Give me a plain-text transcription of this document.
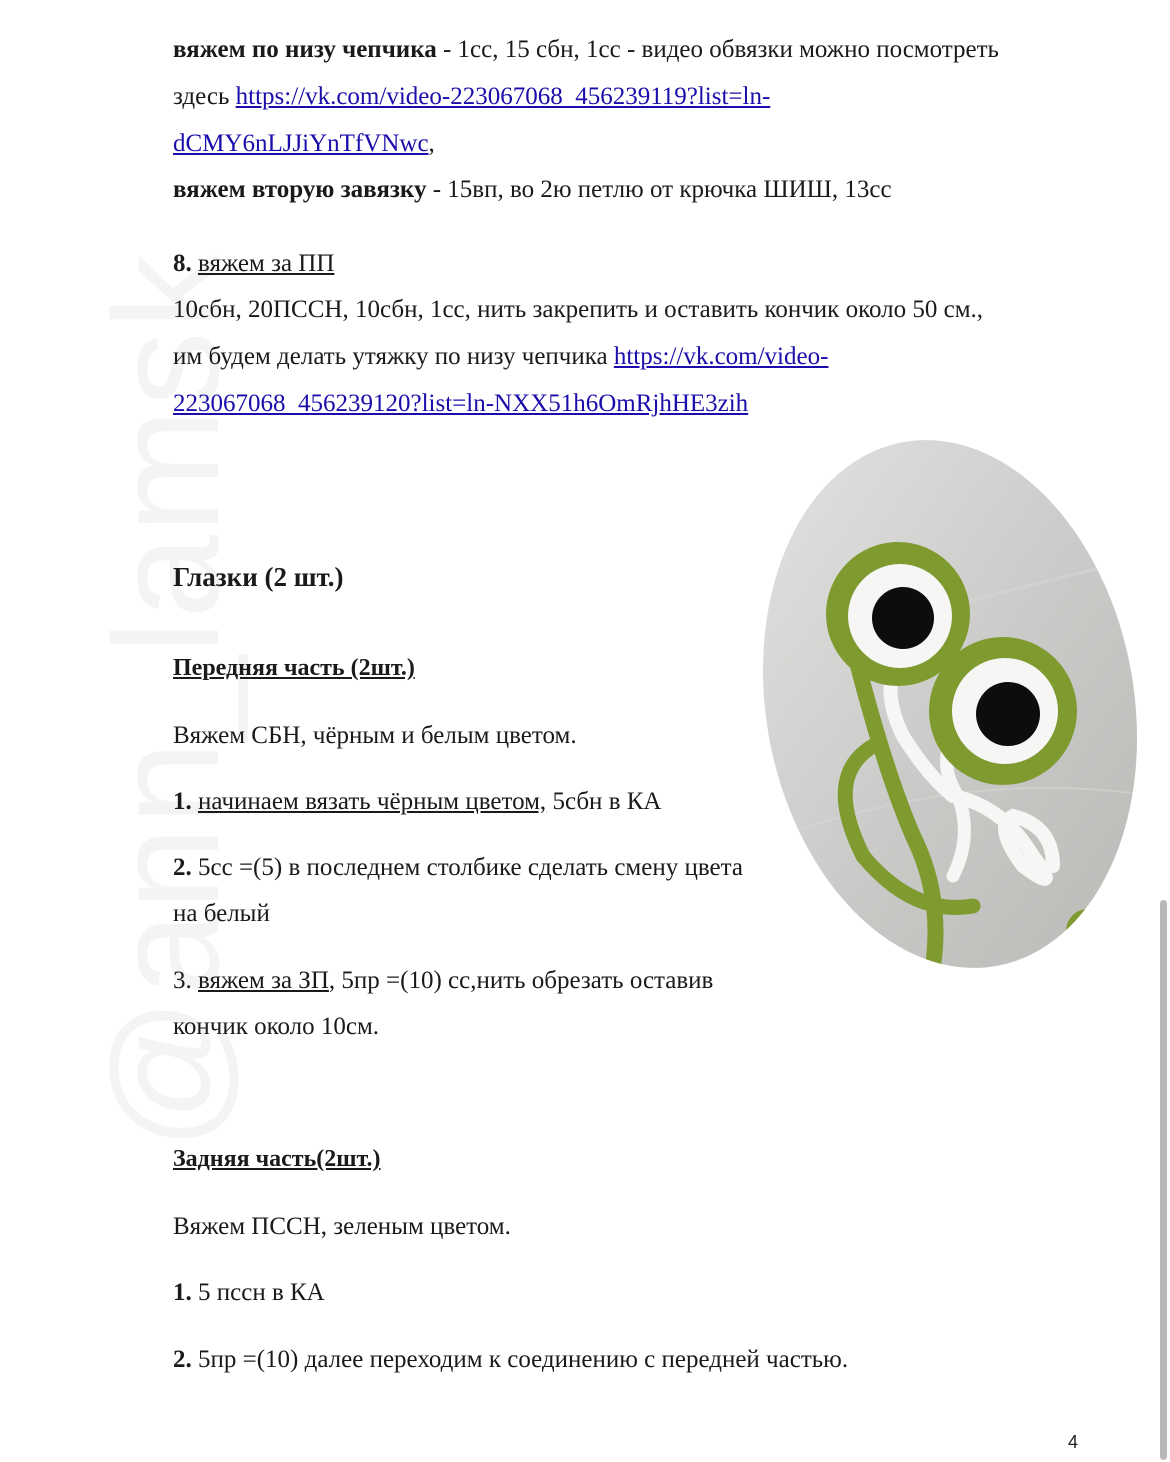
вяжем по низу чепчика - 1сс, 15 сбн, 1сс - видео обвязки можно посмотреть
здесь https://vk.com/video-223067068_456239119?list=ln-
dCMY6nLJJiYnTfVNwc,
вяжем вторую завязку - 15вп, во 2ю петлю от крючка ШИШ, 13сс
8. вяжем за ПП
10сбн, 20ПССН, 10сбн, 1сс, нить закрепить и оставить кончик около 50 см.,
им будем делать утяжку по низу чепчика https://vk.com/video-
223067068_456239120?list=ln-NXX51h6OmRjhHE3zih
Глазки (2 шт.)
Передняя часть (2шт.)
Вяжем СБН, чёрным и белым цветом.
1. начинаем вязать чёрным цветом, 5сбн в КА
2. 5сс =(5) в последнем столбике сделать смену цвета
на белый
3. вяжем за ЗП, 5пр =(10) сс,нить обрезать оставив
кончик около 10см.
Задняя часть(2шт.)
Вяжем ПССН, зеленым цветом.
1. 5 пссн в КА
2. 5пр =(10) далее переходим к соединению с передней частью.
4
